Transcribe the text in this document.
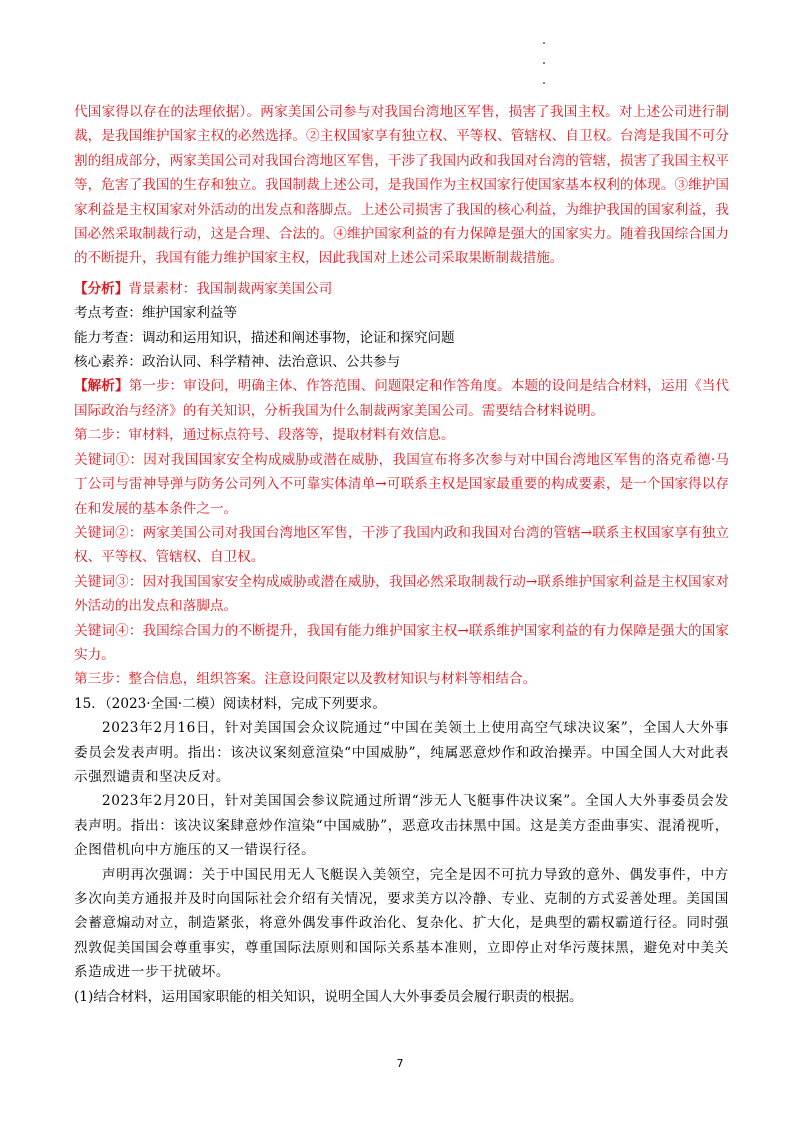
代国家得以存在的法理依据）。两家美国公司参与对我国台湾地区军售，损害了我国主权。对上述公司进行制裁，是我国维护国家主权的必然选择。②主权国家享有独立权、平等权、管辖权、自卫权。台湾是我国不可分割的组成部分，两家美国公司对我国台湾地区军售，干涉了我国内政和我国对台湾的管辖，损害了我国主权平等，危害了我国的生存和独立。我国制裁上述公司，是我国作为主权国家行使国家基本权利的体现。③维护国家利益是主权国家对外活动的出发点和落脚点。上述公司损害了我国的核心利益，为维护我国的国家利益，我国必然采取制裁行动，这是合理、合法的。④维护国家利益的有力保障是强大的国家实力。随着我国综合国力的不断提升，我国有能力维护国家主权，因此我国对上述公司采取果断制裁措施。

【分析】背景素材：我国制裁两家美国公司

考点考查：维护国家利益等

能力考查：调动和运用知识，描述和阐述事物，论证和探究问题

核心素养：政治认同、科学精神、法治意识、公共参与

【解析】第一步：审设问，明确主体、作答范围、问题限定和作答角度。本题的设问是结合材料，运用《当代国际政治与经济》的有关知识，分析我国为什么制裁两家美国公司。需要结合材料说明。

第二步：审材料，通过标点符号、段落等，提取材料有效信息。

关键词①：因对我国国家安全构成威胁或潜在威胁，我国宣布将多次参与对中国台湾地区军售的洛克希德·马丁公司与雷神导弹与防务公司列入不可靠实体清单→可联系主权是国家最重要的构成要素，是一个国家得以存在和发展的基本条件之一。

关键词②：两家美国公司对我国台湾地区军售，干涉了我国内政和我国对台湾的管辖→联系主权国家享有独立权、平等权、管辖权、自卫权。

关键词③：因对我国国家安全构成威胁或潜在威胁，我国必然采取制裁行动→联系维护国家利益是主权国家对外活动的出发点和落脚点。

关键词④：我国综合国力的不断提升，我国有能力维护国家主权→联系维护国家利益的有力保障是强大的国家实力。

第三步：整合信息，组织答案。注意设问限定以及教材知识与材料等相结合。

15．（2023·全国·二模）阅读材料，完成下列要求。

2023年2月16日，针对美国国会众议院通过“中国在美领土上使用高空气球决议案”，全国人大外事委员会发表声明。指出：该决议案刻意渲染“中国威胁”，纯属恶意炒作和政治操弄。中国全国人大对此表示强烈谴责和坚决反对。

2023年2月20日，针对美国国会参议院通过所谓“涉无人飞艇事件决议案”。全国人大外事委员会发表声明。指出：该决议案肆意炒作渲染“中国威胁”，恶意攻击抹黑中国。这是美方歪曲事实、混淆视听，企图借机向中方施压的又一错误行径。

声明再次强调：关于中国民用无人飞艇误入美领空，完全是因不可抗力导致的意外、偶发事件，中方多次向美方通报并及时向国际社会介绍有关情况，要求美方以冷静、专业、克制的方式妥善处理。美国国会蓄意煽动对立，制造紧张，将意外偶发事件政治化、复杂化、扩大化，是典型的霸权霸道行径。同时强烈敦促美国国会尊重事实，尊重国际法原则和国际关系基本准则，立即停止对华污蔑抹黑，避免对中美关系造成进一步干扰破坏。

(1)结合材料，运用国家职能的相关知识，说明全国人大外事委员会履行职责的根据。

7
